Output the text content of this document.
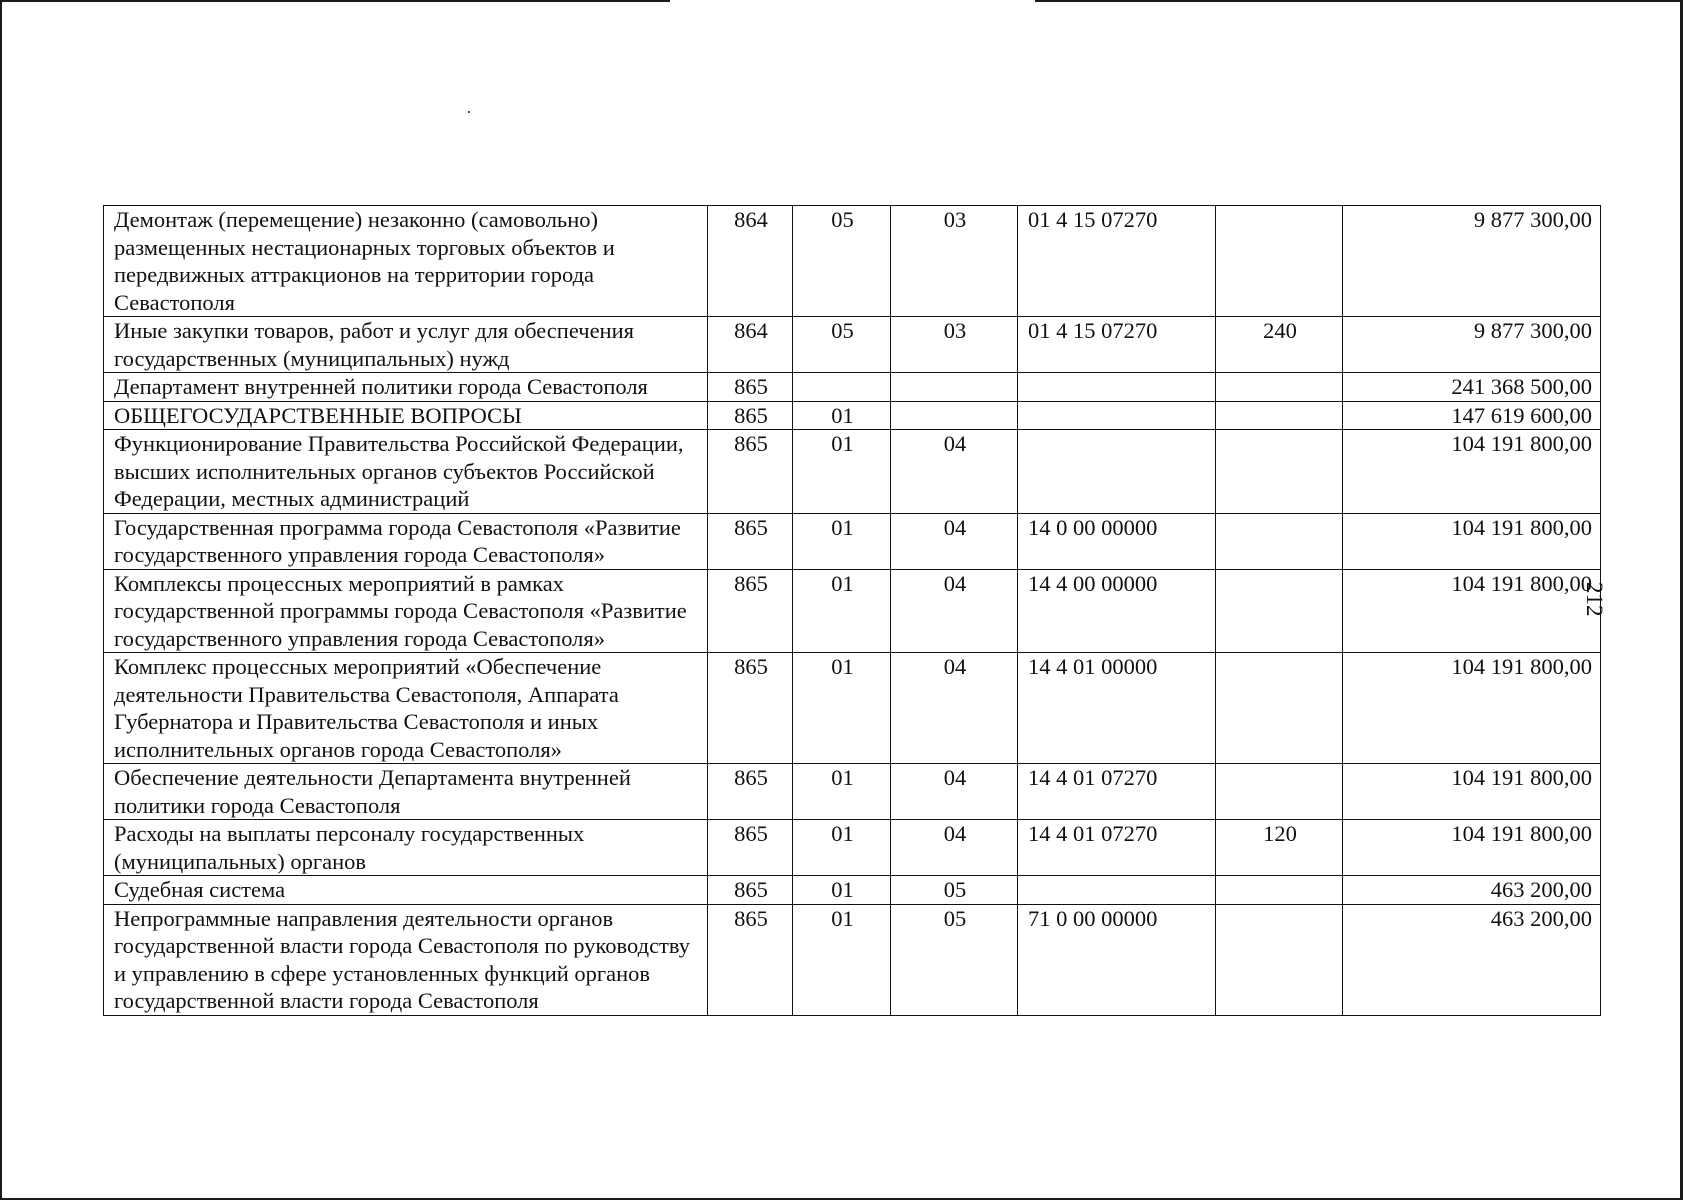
212
Демонтаж (перемещение) незаконно (самовольно) размещенных нестационарных торговых объектов и передвижных аттракционов на территории города Севастополя	864	05	03	01 4 15 07270		9 877 300,00
Иные закупки товаров, работ и услуг для обеспечения государственных (муниципальных) нужд	864	05	03	01 4 15 07270	240	9 877 300,00
Департамент внутренней политики города Севастополя	865					241 368 500,00
ОБЩЕГОСУДАРСТВЕННЫЕ ВОПРОСЫ	865	01				147 619 600,00
Функционирование Правительства Российской Федерации, высших исполнительных органов субъектов Российской Федерации, местных администраций	865	01	04			104 191 800,00
Государственная программа города Севастополя «Развитие государственного управления города Севастополя»	865	01	04	14 0 00 00000		104 191 800,00
Комплексы процессных мероприятий в рамках государственной программы города Севастополя «Развитие государственного управления города Севастополя»	865	01	04	14 4 00 00000		104 191 800,00
Комплекс процессных мероприятий «Обеспечение деятельности Правительства Севастополя, Аппарата Губернатора и Правительства Севастополя и иных исполнительных органов города Севастополя»	865	01	04	14 4 01 00000		104 191 800,00
Обеспечение деятельности Департамента внутренней политики города Севастополя	865	01	04	14 4 01 07270		104 191 800,00
Расходы на выплаты персоналу государственных (муниципальных) органов	865	01	04	14 4 01 07270	120	104 191 800,00
Судебная система	865	01	05			463 200,00
Непрограммные направления деятельности органов государственной власти города Севастополя по руководству и управлению в сфере установленных функций органов государственной власти города Севастополя	865	01	05	71 0 00 00000		463 200,00
